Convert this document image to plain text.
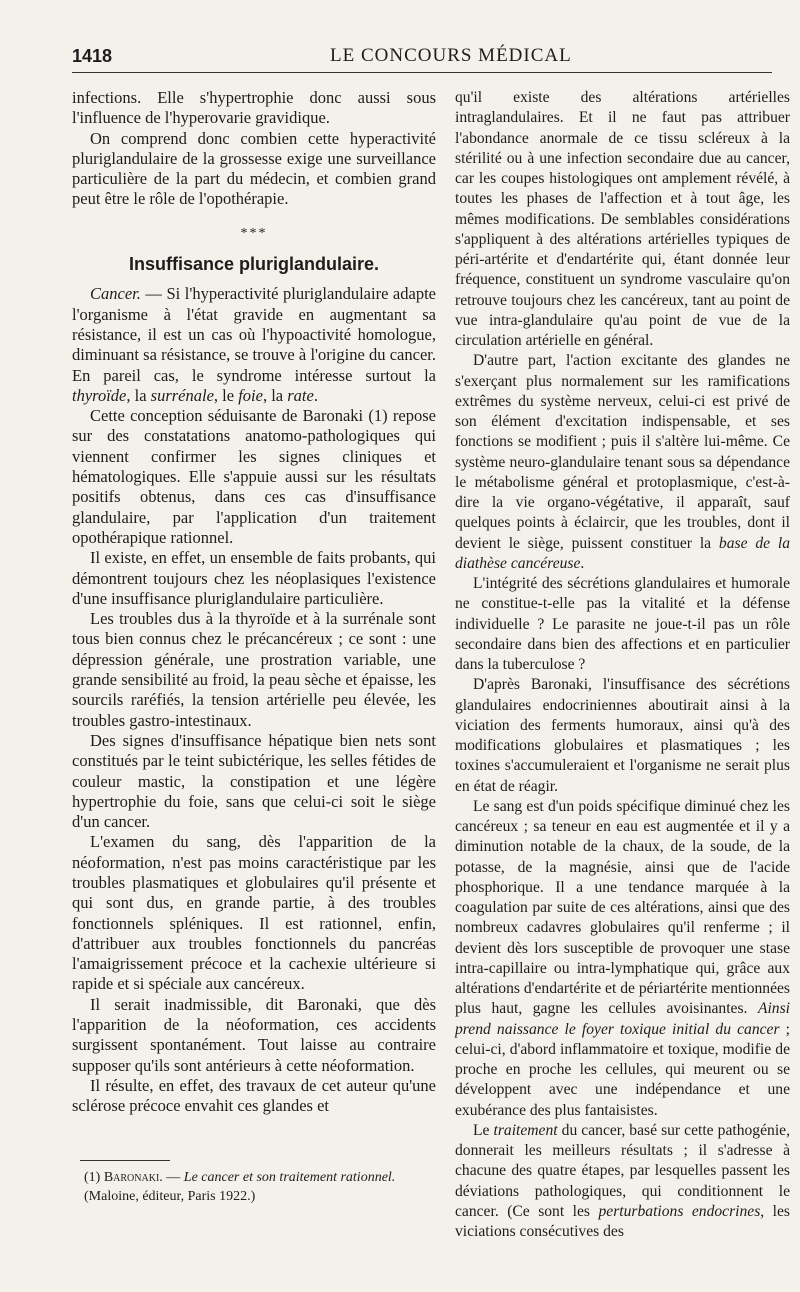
1418	LE CONCOURS MÉDICAL

infections. Elle s'hypertrophie donc aussi sous l'influence de l'hyperovarie gravidique.

On comprend donc combien cette hyperactivité pluriglandulaire de la grossesse exige une surveillance particulière de la part du médecin, et combien grand peut être le rôle de l'opothérapie.

***
Insuffisance pluriglandulaire.

Cancer. — Si l'hyperactivité pluriglandulaire adapte l'organisme à l'état gravide en augmentant sa résistance, il est un cas où l'hypoactivité homologue, diminuant sa résistance, se trouve à l'origine du cancer. En pareil cas, le syndrome intéresse surtout la thyroïde, la surrénale, le foie, la rate.

Cette conception séduisante de Baronaki (1) repose sur des constatations anatomo-pathologiques qui viennent confirmer les signes cliniques et hématologiques. Elle s'appuie aussi sur les résultats positifs obtenus, dans ces cas d'insuffisance glandulaire, par l'application d'un traitement opothérapique rationnel.

Il existe, en effet, un ensemble de faits probants, qui démontrent toujours chez les néoplasiques l'existence d'une insuffisance pluriglandulaire particulière.

Les troubles dus à la thyroïde et à la surrénale sont tous bien connus chez le précancéreux ; ce sont : une dépression générale, une prostration variable, une grande sensibilité au froid, la peau sèche et épaisse, les sourcils raréfiés, la tension artérielle peu élevée, les troubles gastro-intestinaux.

Des signes d'insuffisance hépatique bien nets sont constitués par le teint subictérique, les selles fétides de couleur mastic, la constipation et une légère hypertrophie du foie, sans que celui-ci soit le siège d'un cancer.

L'examen du sang, dès l'apparition de la néoformation, n'est pas moins caractéristique par les troubles plasmatiques et globulaires qu'il présente et qui sont dus, en grande partie, à des troubles fonctionnels spléniques. Il est rationnel, enfin, d'attribuer aux troubles fonctionnels du pancréas l'amaigrissement précoce et la cachexie ultérieure si rapide et si spéciale aux cancéreux.

Il serait inadmissible, dit Baronaki, que dès l'apparition de la néoformation, ces accidents surgissent spontanément. Tout laisse au contraire supposer qu'ils sont antérieurs à cette néoformation.

Il résulte, en effet, des travaux de cet auteur qu'une sclérose précoce envahit ces glandes et

qu'il existe des altérations artérielles intraglandulaires. Et il ne faut pas attribuer l'abondance anormale de ce tissu scléreux à la stérilité ou à une infection secondaire due au cancer, car les coupes histologiques ont amplement révélé, à toutes les phases de l'affection et à tout âge, les mêmes modifications. De semblables considérations s'appliquent à des altérations artérielles typiques de péri-artérite et d'endartérite qui, étant donnée leur fréquence, constituent un syndrome vasculaire qu'on retrouve toujours chez les cancéreux, tant au point de vue intra-glandulaire qu'au point de vue de la circulation artérielle en général.

D'autre part, l'action excitante des glandes ne s'exerçant plus normalement sur les ramifications extrêmes du système nerveux, celui-ci est privé de son élément d'excitation indispensable, et ses fonctions se modifient ; puis il s'altère lui-même. Ce système neuro-glandulaire tenant sous sa dépendance le métabolisme général et protoplasmique, c'est-à-dire la vie organo-végétative, il apparaît, sauf quelques points à éclaircir, que les troubles, dont il devient le siège, puissent constituer la base de la diathèse cancéreuse.

L'intégrité des sécrétions glandulaires et humorale ne constitue-t-elle pas la vitalité et la défense individuelle ? Le parasite ne joue-t-il pas un rôle secondaire dans bien des affections et en particulier dans la tuberculose ?

D'après Baronaki, l'insuffisance des sécrétions glandulaires endocriniennes aboutirait ainsi à la viciation des ferments humoraux, ainsi qu'à des modifications globulaires et plasmatiques ; les toxines s'accumuleraient et l'organisme ne serait plus en état de réagir.

Le sang est d'un poids spécifique diminué chez les cancéreux ; sa teneur en eau est augmentée et il y a diminution notable de la chaux, de la soude, de la potasse, de la magnésie, ainsi que de l'acide phosphorique. Il a une tendance marquée à la coagulation par suite de ces altérations, ainsi que des nombreux cadavres globulaires qu'il renferme ; il devient dès lors susceptible de provoquer une stase intra-capillaire ou intra-lymphatique qui, grâce aux altérations d'endartérite et de périartérite mentionnées plus haut, gagne les cellules avoisinantes. Ainsi prend naissance le foyer toxique initial du cancer ; celui-ci, d'abord inflammatoire et toxique, modifie de proche en proche les cellules, qui meurent ou se développent avec une indépendance et une exubérance des plus fantaisistes.

Le traitement du cancer, basé sur cette pathogénie, donnerait les meilleurs résultats ; il s'adresse à chacune des quatre étapes, par lesquelles passent les déviations pathologiques, qui conditionnent le cancer. (Ce sont les perturbations endocrines, les viciations consécutives des

(1) Baronaki. — Le cancer et son traitement rationnel.
(Maloine, éditeur, Paris 1922.)
